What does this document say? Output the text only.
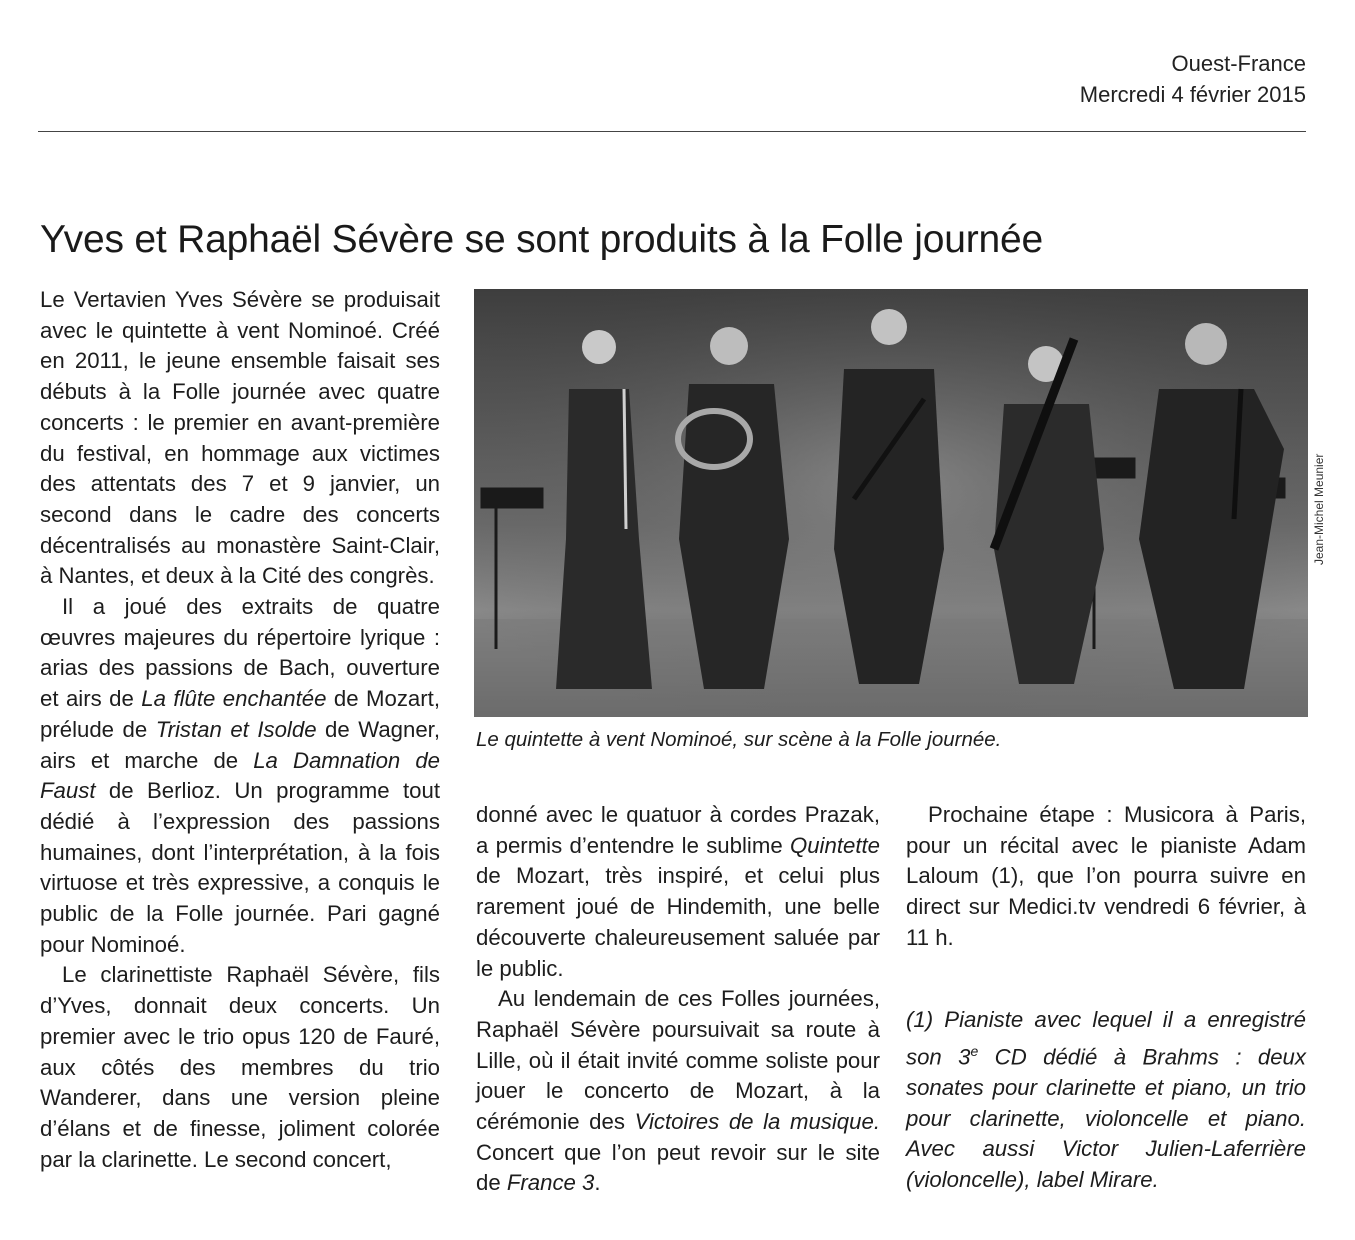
Ouest-France
Mercredi 4 février 2015
Yves et Raphaël Sévère se sont produits à la Folle journée

Le Vertavien Yves Sévère se produisait avec le quintette à vent Nominoé. Créé en 2011, le jeune ensemble faisait ses débuts à la Folle journée avec quatre concerts : le premier en avant-première du festival, en hommage aux victimes des attentats des 7 et 9 janvier, un second dans le cadre des concerts décentralisés au monastère Saint-Clair, à Nantes, et deux à la Cité des congrès.

Il a joué des extraits de quatre œuvres majeures du répertoire lyrique : arias des passions de Bach, ouverture et airs de La flûte enchantée de Mozart, prélude de Tristan et Isolde de Wagner, airs et marche de La Damnation de Faust de Berlioz. Un programme tout dédié à l’expression des passions humaines, dont l’interprétation, à la fois virtuose et très expressive, a conquis le public de la Folle journée. Pari gagné pour Nominoé.

Le clarinettiste Raphaël Sévère, fils d’Yves, donnait deux concerts. Un premier avec le trio opus 120 de Fauré, aux côtés des membres du trio Wanderer, dans une version pleine d’élans et de finesse, joliment colorée par la clarinette. Le second concert,

Jean-Michel Meunier
Le quintette à vent Nominoé, sur scène à la Folle journée.

donné avec le quatuor à cordes Prazak, a permis d’entendre le sublime Quintette de Mozart, très inspiré, et celui plus rarement joué de Hindemith, une belle découverte chaleureusement saluée par le public.

Au lendemain de ces Folles journées, Raphaël Sévère poursuivait sa route à Lille, où il était invité comme soliste pour jouer le concerto de Mozart, à la cérémonie des Victoires de la musique. Concert que l’on peut revoir sur le site de France 3.

Prochaine étape : Musicora à Paris, pour un récital avec le pianiste Adam Laloum (1), que l’on pourra suivre en direct sur Medici.tv vendredi 6 février, à 11 h.

(1) Pianiste avec lequel il a enregistré son 3e CD dédié à Brahms : deux sonates pour clarinette et piano, un trio pour clarinette, violoncelle et piano. Avec aussi Victor Julien-Laferrière (violoncelle), label Mirare.
